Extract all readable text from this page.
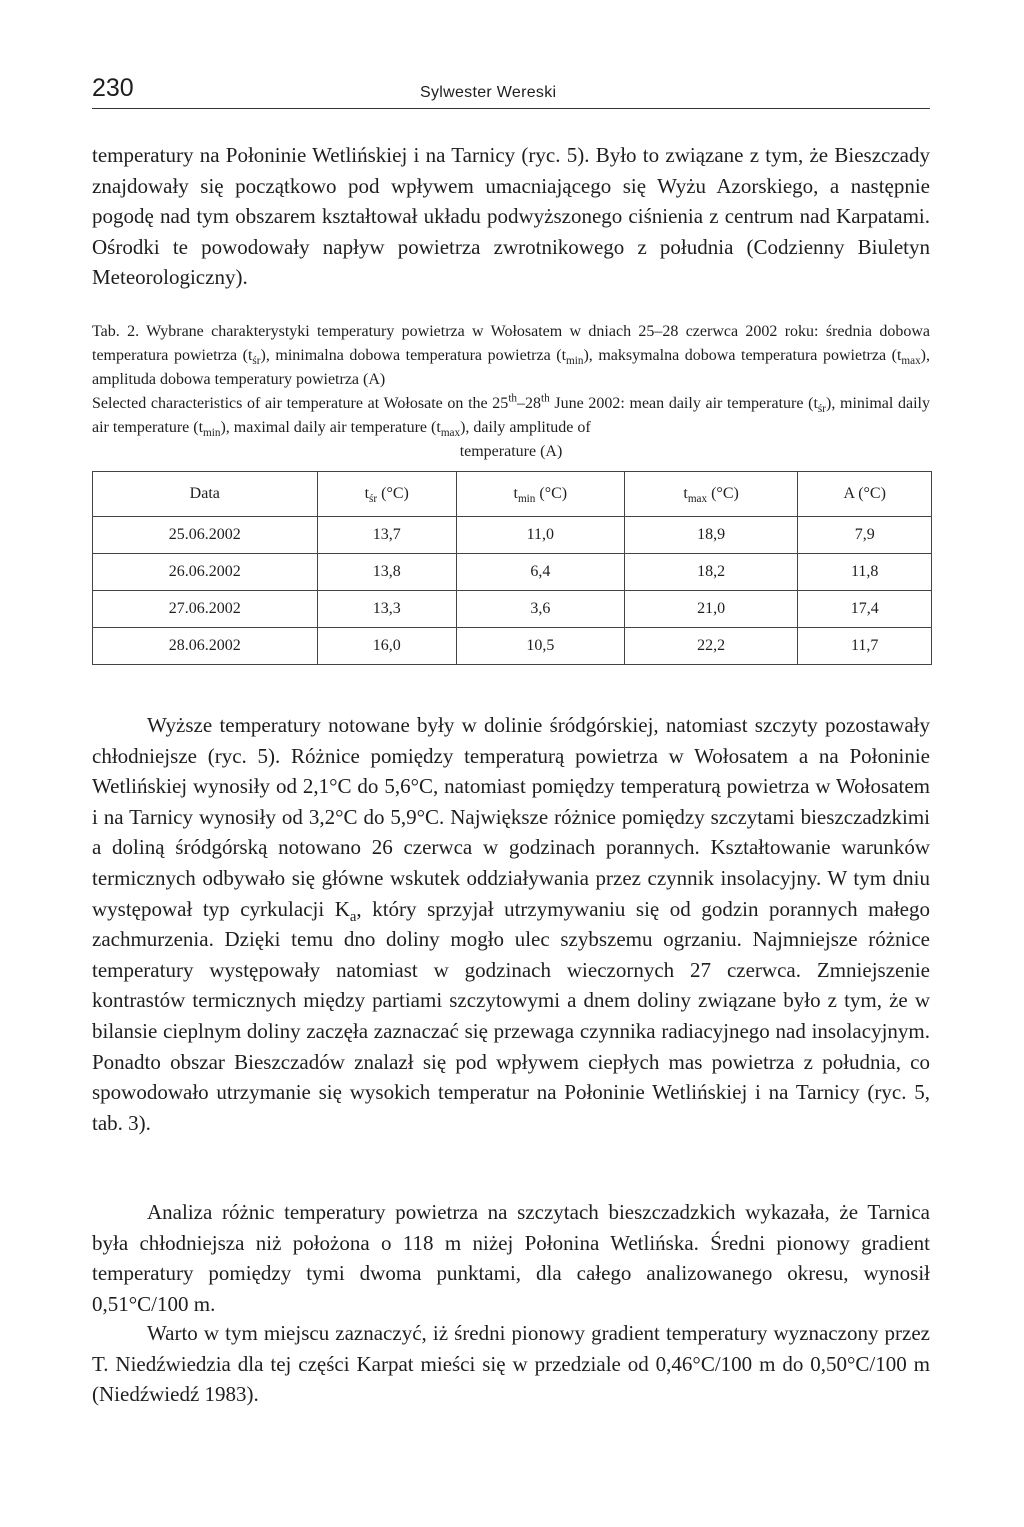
230	Sylwester Wereski

temperatury na Połoninie Wetlińskiej i na Tarnicy (ryc. 5). Było to związane z tym, że Bieszczady znajdowały się początkowo pod wpływem umacniającego się Wyżu Azorskiego, a następnie pogodę nad tym obszarem kształtował układu podwyższonego ciśnienia z centrum nad Karpatami. Ośrodki te powodowały napływ powietrza zwrotnikowego z południa (Codzienny Biuletyn Meteorologiczny).

Tab. 2. Wybrane charakterystyki temperatury powietrza w Wołosatem w dniach 25–28 czerwca 2002 roku: średnia dobowa temperatura powietrza $(t_{śr})$, minimalna dobowa temperatura powietrza $(t_{min})$, maksymalna dobowa temperatura powietrza $(t_{max})$, amplituda dobowa temperatury powietrza (A)
Selected characteristics of air temperature at Wołosate on the 25th–28th June 2002: mean daily air temperature $(t_{śr})$, minimal daily air temperature $(t_{min})$, maximal daily air temperature $(t_{max})$, daily amplitude of
temperature (A)
Data	$t_{śr}$ (°C)	$t_{min}$ (°C)	$t_{max}$ (°C)	A (°C)
25.06.2002	13,7	11,0	18,9	7,9
26.06.2002	13,8	6,4	18,2	11,8
27.06.2002	13,3	3,6	21,0	17,4
28.06.2002	16,0	10,5	22,2	11,7

Wyższe temperatury notowane były w dolinie śródgórskiej, natomiast szczyty pozostawały chłodniejsze (ryc. 5). Różnice pomiędzy temperaturą powietrza w Wołosatem a na Połoninie Wetlińskiej wynosiły od 2,1°C do 5,6°C, natomiast pomiędzy temperaturą powietrza w Wołosatem i na Tarnicy wynosiły od 3,2°C do 5,9°C. Największe różnice pomiędzy szczytami bieszczadzkimi a doliną śródgórską notowano 26 czerwca w godzinach porannych. Kształtowanie warunków termicznych odbywało się główne wskutek oddziaływania przez czynnik insolacyjny. W tym dniu występował typ cyrkulacji $K_a$, który sprzyjał utrzymywaniu się od godzin porannych małego zachmurzenia. Dzięki temu dno doliny mogło ulec szybszemu ogrzaniu. Najmniejsze różnice temperatury występowały natomiast w godzinach wieczornych 27 czerwca. Zmniejszenie kontrastów termicznych między partiami szczytowymi a dnem doliny związane było z tym, że w bilansie cieplnym doliny zaczęła zaznaczać się przewaga czynnika radiacyjnego nad insolacyjnym. Ponadto obszar Bieszczadów znalazł się pod wpływem ciepłych mas powietrza z południa, co spowodowało utrzymanie się wysokich temperatur na Połoninie Wetlińskiej i na Tarnicy (ryc. 5, tab. 3).

Analiza różnic temperatury powietrza na szczytach bieszczadzkich wykazała, że Tarnica była chłodniejsza niż położona o 118 m niżej Połonina Wetlińska. Średni pionowy gradient temperatury pomiędzy tymi dwoma punktami, dla całego analizowanego okresu, wynosił 0,51°C/100 m.

Warto w tym miejscu zaznaczyć, iż średni pionowy gradient temperatury wyznaczony przez T. Niedźwiedzia dla tej części Karpat mieści się w przedziale od 0,46°C/100 m do 0,50°C/100 m (Niedźwiedź 1983).
